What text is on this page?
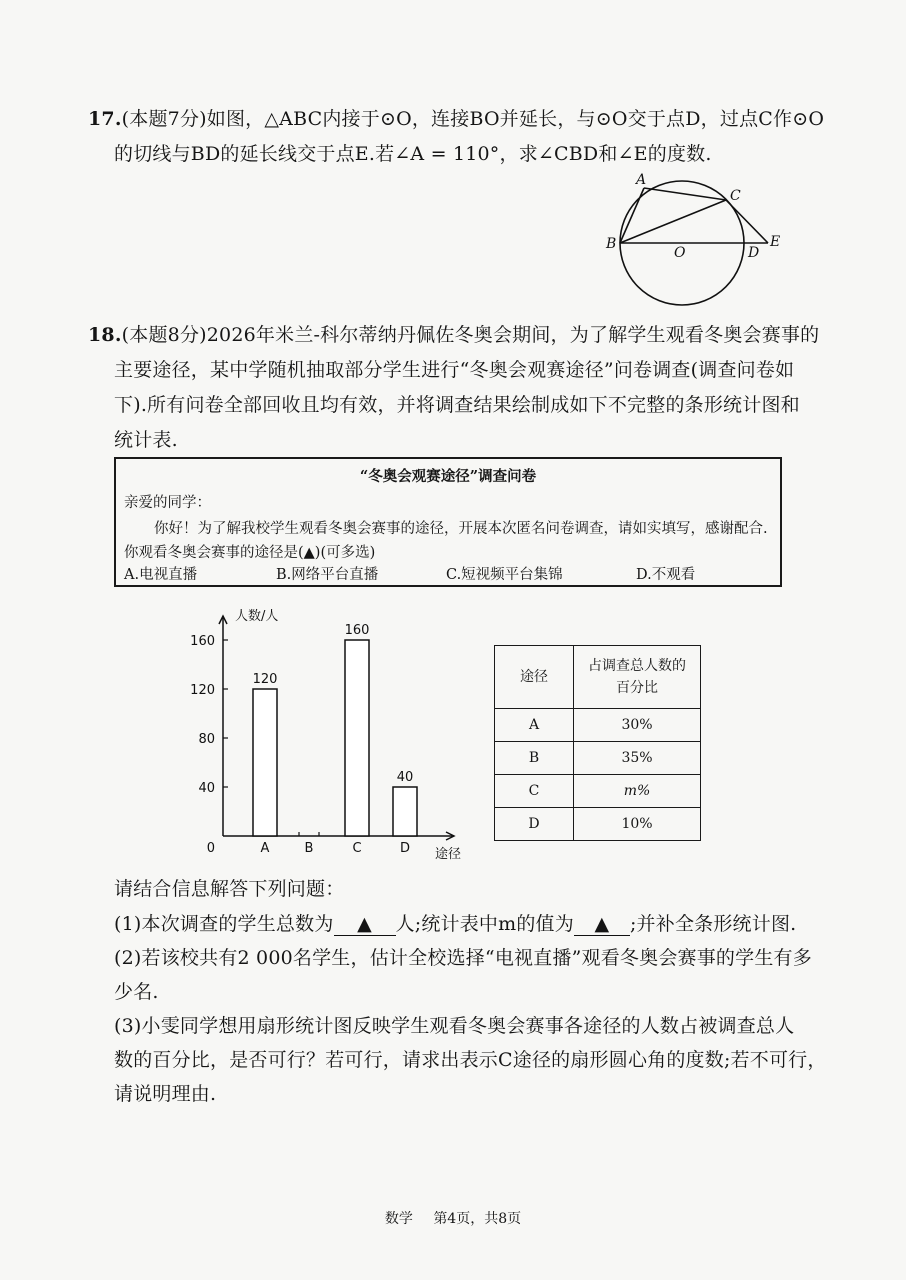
17.(本题7分)如图，△ABC内接于⊙O，连接BO并延长，与⊙O交于点D，过点C作⊙O
的切线与BD的延长线交于点E.若∠A = 110°，求∠CBD和∠E的度数.
A
C
B
O	D
E
18.(本题8分)2026年米兰-科尔蒂纳丹佩佐冬奥会期间，为了解学生观看冬奥会赛事的
主要途径，某中学随机抽取部分学生进行“冬奥会观赛途径”问卷调查(调查问卷如
下).所有问卷全部回收且均有效，并将调查结果绘制成如下不完整的条形统计图和
统计表.
“冬奥会观赛途径”调查问卷
亲爱的同学：
你好！为了解我校学生观看冬奥会赛事的途径，开展本次匿名问卷调查，请如实填写，感谢配合.
你观看冬奥会赛事的途径是(▲)(可多选)
A.电视直播	B.网络平台直播	C.短视频平台集锦	D.不观看
人数/人
途径
0
40
80
120
160
A
120
B	C
160
D
40
途径	占调查总人数的
百分比

A	30%
B	35%
C	m%
D	10%
请结合信息解答下列问题：
(1)本次调查的学生总数为 ▲ 人;统计表中m的值为 ▲ ;并补全条形统计图.
(2)若该校共有2 000名学生，估计全校选择“电视直播”观看冬奥会赛事的学生有多
少名.
(3)小雯同学想用扇形统计图反映学生观看冬奥会赛事各途径的人数占被调查总人
数的百分比，是否可行？若可行，请求出表示C途径的扇形圆心角的度数;若不可行，
请说明理由.
数学 第4页，共8页
